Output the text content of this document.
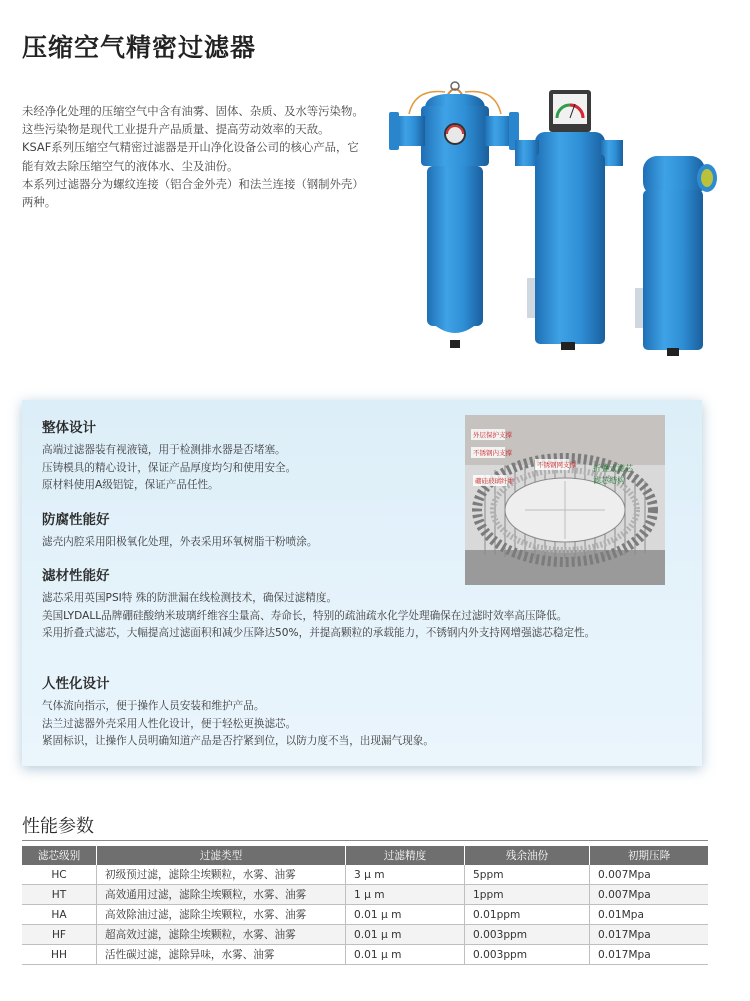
压缩空气精密过滤器

未经净化处理的压缩空气中含有油雾、固体、杂质、及水等污染物。

这些污染物是现代工业提升产品质量、提高劳动效率的天敌。

KSAF系列压缩空气精密过滤器是开山净化设备公司的核心产品，它能有效去除压缩空气的液体水、尘及油份。

本系列过滤器分为螺纹连接（铝合金外壳）和法兰连接（钢制外壳）两种。

整体设计

高端过滤器装有视液镜，用于检测排水器是否堵塞。

压铸模具的精心设计，保证产品厚度均匀和使用安全。

原材料使用A级铝锭，保证产品任性。

防腐性能好

滤壳内腔采用阳极氧化处理，外表采用环氧树脂干粉喷涂。

滤材性能好

滤芯采用英国PSI特 殊的防泄漏在线检测技术，确保过滤精度。

美国LYDALL品牌硼硅酸纳米玻璃纤维容尘量高、寿命长，特别的疏油疏水化学处理确保在过滤时效率高压降低。

采用折叠式滤芯，大幅提高过滤面积和减少压降达50%，并提高颗粒的承载能力，不锈钢内外支持网增强滤芯稳定性。

人性化设计

气体流向指示，便于操作人员安装和维护产品。

法兰过滤器外壳采用人性化设计，便于轻松更换滤芯。

紧固标识，让操作人员明确知道产品是否拧紧到位，以防力度不当，出现漏气现象。

外层保护支撑
不锈钢内支撑
不锈钢网支撑
硼硅玻璃纤维
折叠式滤芯
滤芯结构
性能参数
滤芯级别	过滤类型	过滤精度	残余油份	初期压降
HC	初级预过滤，滤除尘埃颗粒，水雾、油雾	3 μ m	5ppm	0.007Mpa
HT	高效通用过滤，滤除尘埃颗粒，水雾、油雾	1 μ m	1ppm	0.007Mpa
HA	高效除油过滤，滤除尘埃颗粒，水雾、油雾	0.01 μ m	0.01ppm	0.01Mpa
HF	超高效过滤，滤除尘埃颗粒，水雾、油雾	0.01 μ m	0.003ppm	0.017Mpa
HH	活性碳过滤，滤除异味，水雾、油雾	0.01 μ m	0.003ppm	0.017Mpa
